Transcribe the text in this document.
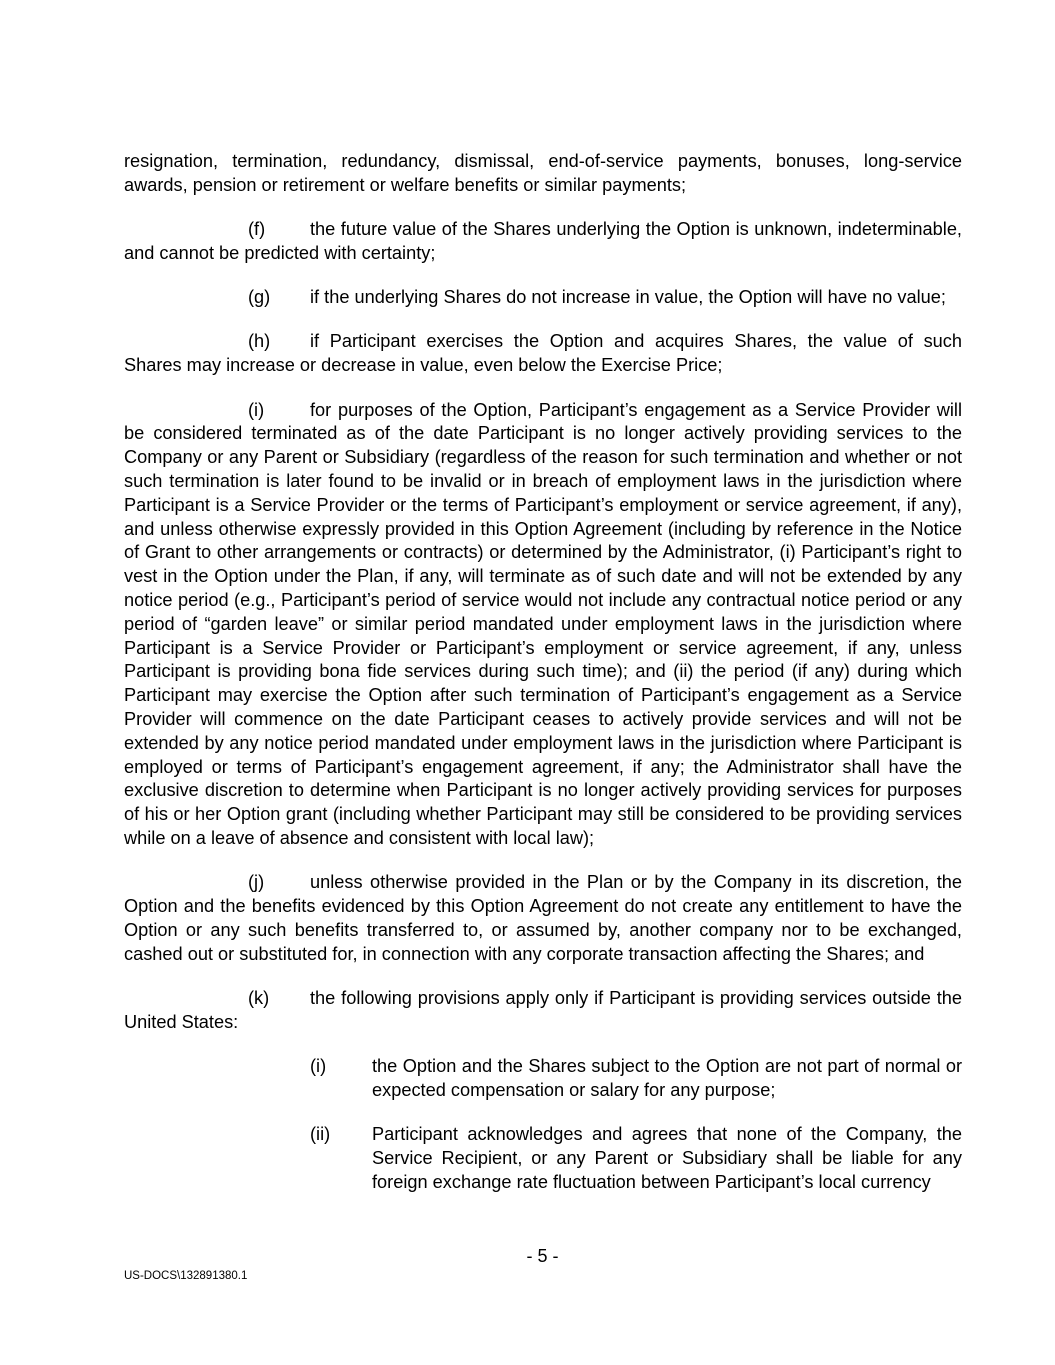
resignation, termination, redundancy, dismissal, end-of-service payments, bonuses, long-service awards, pension or retirement or welfare benefits or similar payments;

(f) the future value of the Shares underlying the Option is unknown, indeterminable, and cannot be predicted with certainty;

(g) if the underlying Shares do not increase in value, the Option will have no value;

(h) if Participant exercises the Option and acquires Shares, the value of such Shares may increase or decrease in value, even below the Exercise Price;

(i)	for purposes of the Option, Participant’s engagement as a Service Provider will be considered terminated as of the date Participant is no longer actively providing services to the Company or any Parent or Subsidiary (regardless of the reason for such termination and whether or not such termination is later found to be invalid or in breach of employment laws in the jurisdiction where Participant is a Service Provider or the terms of Participant’s employment or service agreement, if any), and unless otherwise expressly provided in this Option Agreement (including by reference in the Notice of Grant to other arrangements or contracts) or determined by the Administrator, (i) Participant’s right to vest in the Option under the Plan, if any, will terminate as of such date and will not be extended by any notice period (e.g., Participant’s period of service would not include any contractual notice period or any period of “garden leave” or similar period mandated under employment laws in the jurisdiction where Participant is a Service Provider or Participant’s employment or service agreement, if any, unless Participant is providing bona fide services during such time); and (ii) the period (if any) during which Participant may exercise the Option after such termination of Participant’s engagement as a Service Provider will commence on the date Participant ceases to actively provide services and will not be extended by any notice period mandated under employment laws in the jurisdiction where Participant is employed or terms of Participant’s engagement agreement, if any; the Administrator shall have the exclusive discretion to determine when Participant is no longer actively providing services for purposes of his or her Option grant (including whether Participant may still be considered to be providing services while on a leave of absence and consistent with local law);

(j)	unless otherwise provided in the Plan or by the Company in its discretion, the Option and the benefits evidenced by this Option Agreement do not create any entitlement to have the Option or any such benefits transferred to, or assumed by, another company nor to be exchanged, cashed out or substituted for, in connection with any corporate transaction affecting the Shares; and

(k) the following provisions apply only if Participant is providing services outside the United States:

(i)	the Option and the Shares subject to the Option are not part of normal or expected compensation or salary for any purpose;

(ii) Participant acknowledges and agrees that none of the Company, the Service Recipient, or any Parent or Subsidiary shall be liable for any foreign exchange rate fluctuation between Participant’s local currency

- 5 -
US-DOCS\132891380.1
